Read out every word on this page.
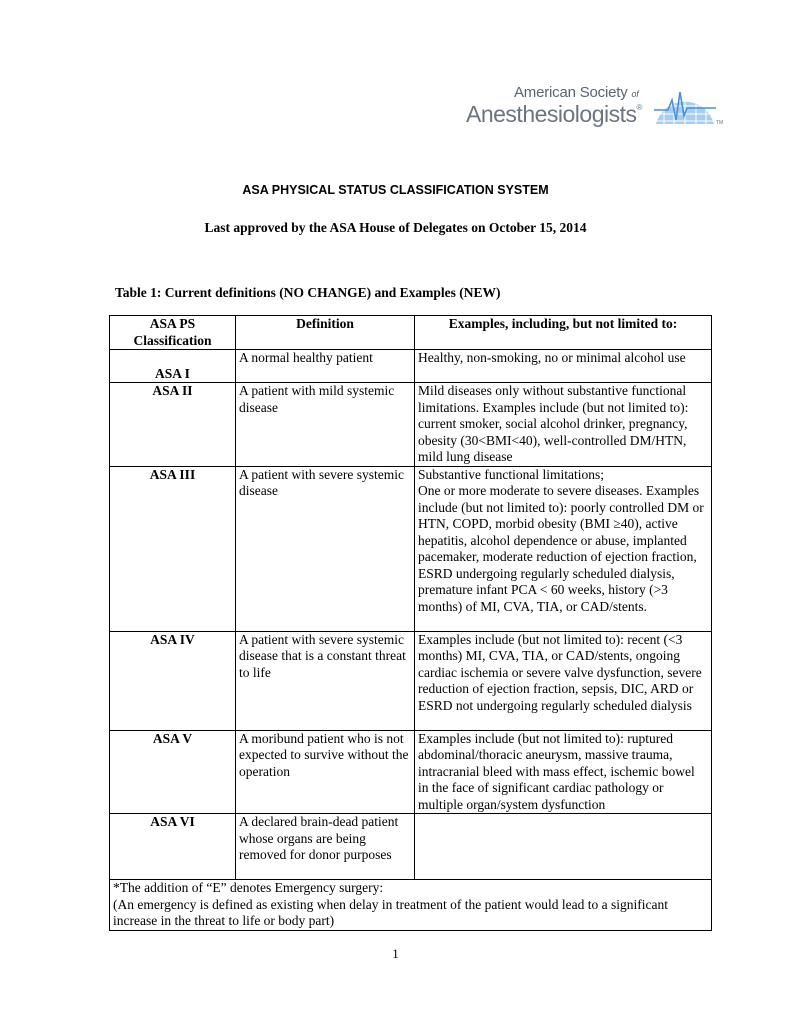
American Society of
Anesthesiologists®
TM
ASA PHYSICAL STATUS CLASSIFICATION SYSTEM
Last approved by the ASA House of Delegates on October 15, 2014
Table 1: Current definitions (NO CHANGE) and Examples (NEW)
ASA PS Classification	Definition	Examples, including, but not limited to:
ASA I	A normal healthy patient	Healthy, non-smoking, no or minimal alcohol use
ASA II	A patient with mild systemic disease	Mild diseases only without substantive functional limitations. Examples include (but not limited to): current smoker, social alcohol drinker, pregnancy, obesity (30<BMI<40), well-controlled DM/HTN, mild lung disease
ASA III	A patient with severe systemic disease	Substantive functional limitations;
One or more moderate to severe diseases. Examples include (but not limited to): poorly controlled DM or HTN, COPD, morbid obesity (BMI ≥40), active hepatitis, alcohol dependence or abuse, implanted pacemaker, moderate reduction of ejection fraction, ESRD undergoing regularly scheduled dialysis, premature infant PCA < 60 weeks, history (>3 months) of MI, CVA, TIA, or CAD/stents.

ASA IV	A patient with severe systemic disease that is a constant threat to life	Examples include (but not limited to): recent (<3 months) MI, CVA, TIA, or CAD/stents, ongoing cardiac ischemia or severe valve dysfunction, severe reduction of ejection fraction, sepsis, DIC, ARD or ESRD not undergoing regularly scheduled dialysis
ASA V	A moribund patient who is not expected to survive without the operation	Examples include (but not limited to): ruptured abdominal/thoracic aneurysm, massive trauma, intracranial bleed with mass effect, ischemic bowel in the face of significant cardiac pathology or multiple organ/system dysfunction
ASA VI	A declared brain-dead patient whose organs are being removed for donor purposes	

*The addition of “E” denotes Emergency surgery:
(An emergency is defined as existing when delay in treatment of the patient would lead to a significant increase in the threat to life or body part)		
1
